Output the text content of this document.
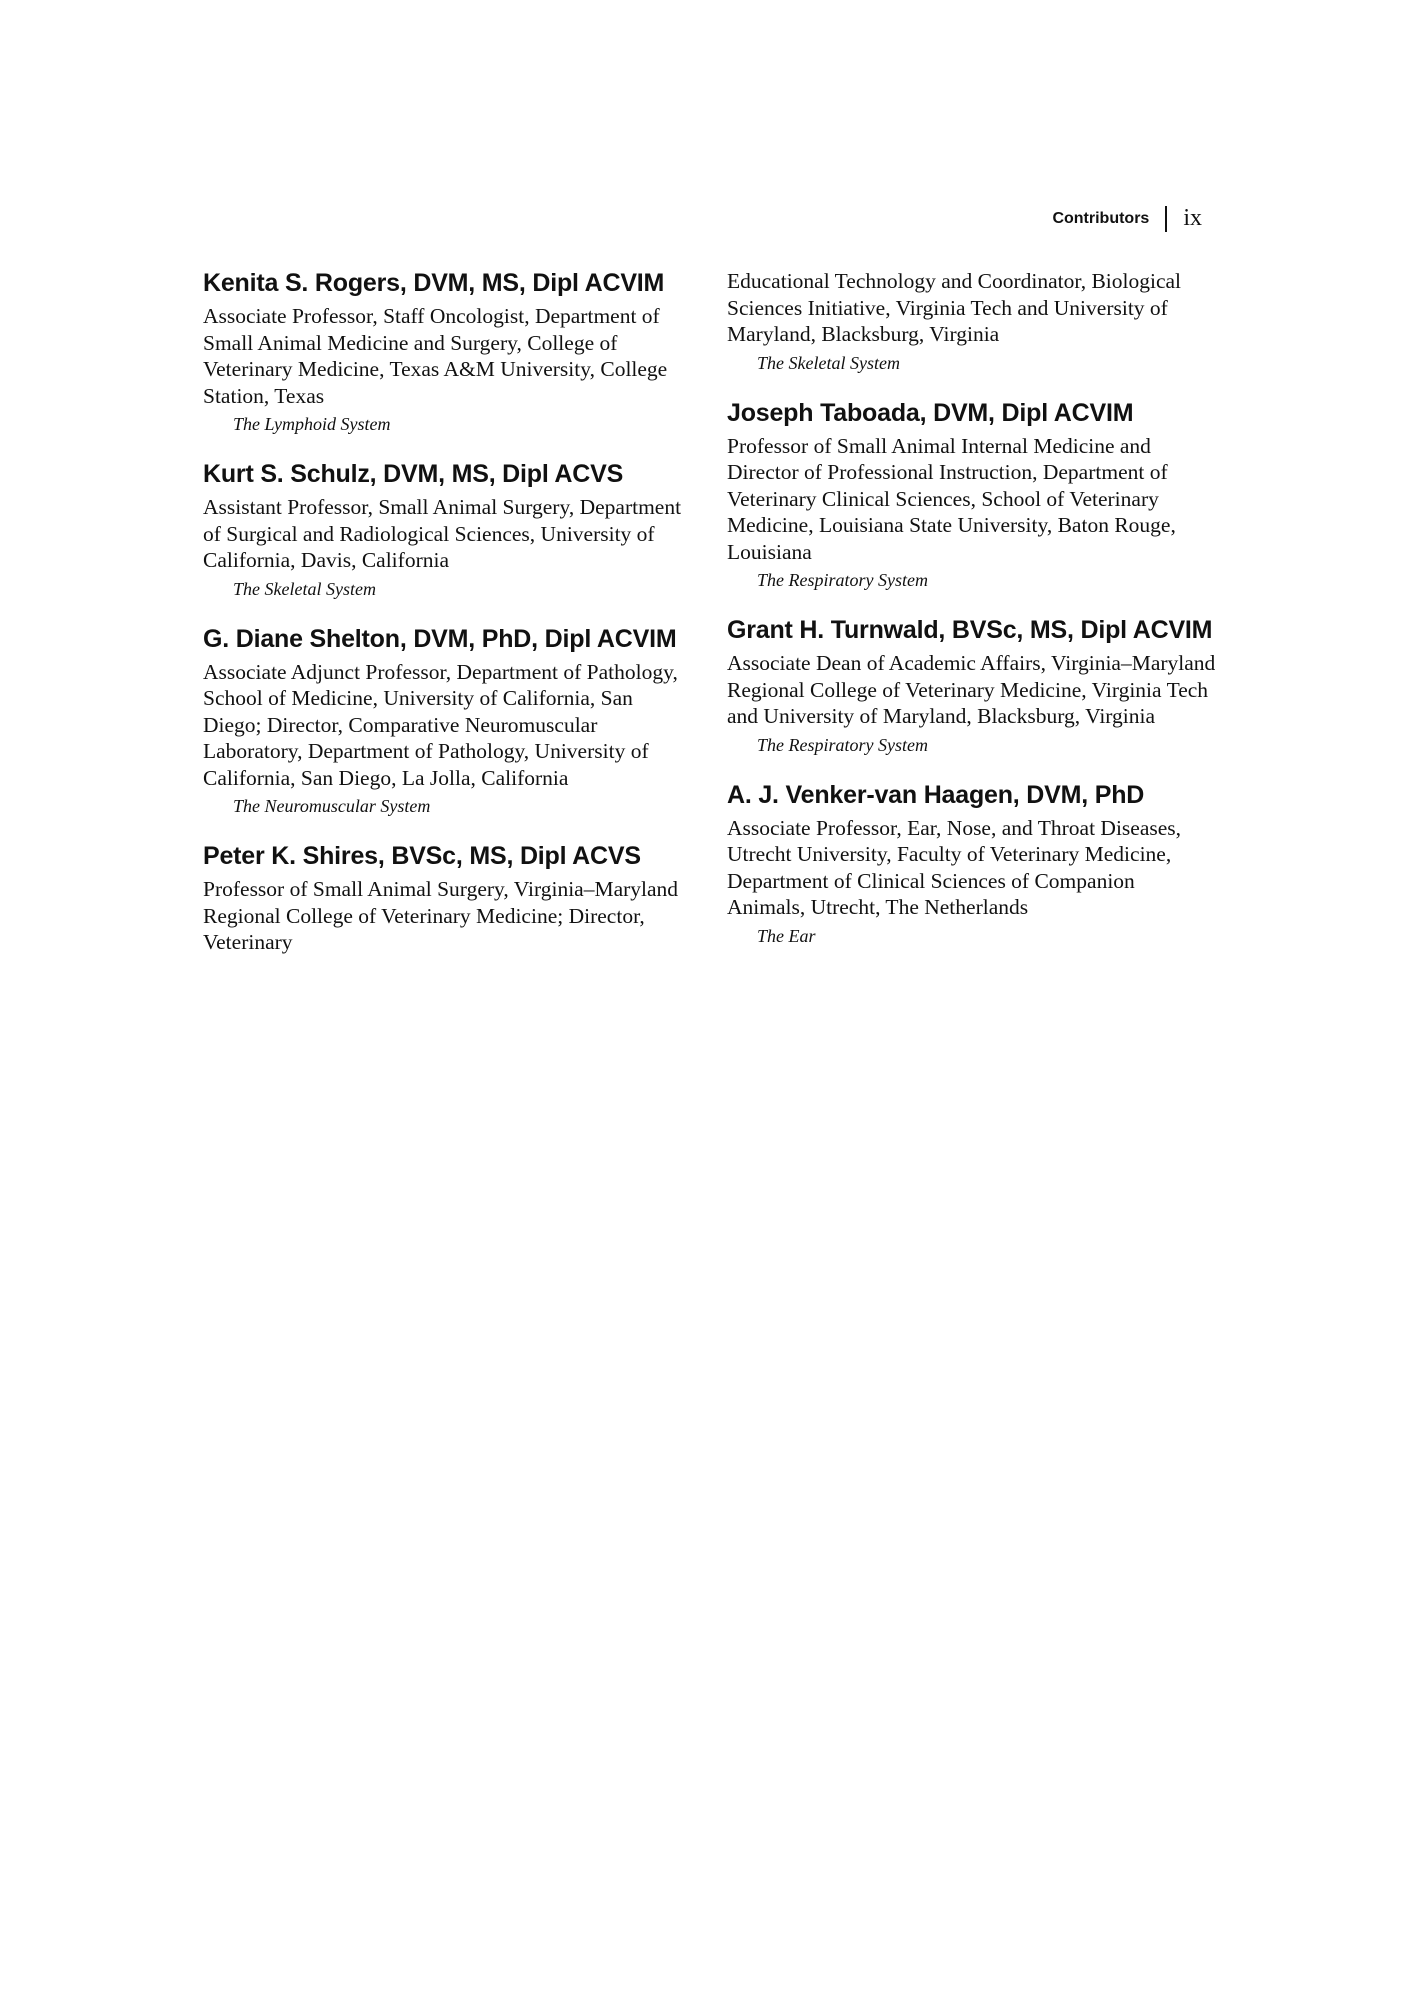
Contributors ix

Kenita S. Rogers, DVM, MS, Dipl ACVIM

Associate Professor, Staff Oncologist, Department of Small Animal Medicine and Surgery, College of Veterinary Medicine, Texas A&M University, College Station, Texas

The Lymphoid System

Kurt S. Schulz, DVM, MS, Dipl ACVS

Assistant Professor, Small Animal Surgery, Department of Surgical and Radiological Sciences, University of California, Davis, California

The Skeletal System

G. Diane Shelton, DVM, PhD, Dipl ACVIM

Associate Adjunct Professor, Department of Pathology, School of Medicine, University of California, San Diego; Director, Comparative Neuromuscular Laboratory, Department of Pathology, University of California, San Diego, La Jolla, California

The Neuromuscular System

Peter K. Shires, BVSc, MS, Dipl ACVS

Professor of Small Animal Surgery, Virginia–Maryland Regional College of Veterinary Medicine; Director, Veterinary

Educational Technology and Coordinator, Biological Sciences Initiative, Virginia Tech and University of Maryland, Blacksburg, Virginia

The Skeletal System

Joseph Taboada, DVM, Dipl ACVIM

Professor of Small Animal Internal Medicine and Director of Professional Instruction, Department of Veterinary Clinical Sciences, School of Veterinary Medicine, Louisiana State University, Baton Rouge, Louisiana

The Respiratory System

Grant H. Turnwald, BVSc, MS, Dipl ACVIM

Associate Dean of Academic Affairs, Virginia–Maryland Regional College of Veterinary Medicine, Virginia Tech and University of Maryland, Blacksburg, Virginia

The Respiratory System

A. J. Venker-van Haagen, DVM, PhD

Associate Professor, Ear, Nose, and Throat Diseases, Utrecht University, Faculty of Veterinary Medicine, Department of Clinical Sciences of Companion Animals, Utrecht, The Netherlands

The Ear
